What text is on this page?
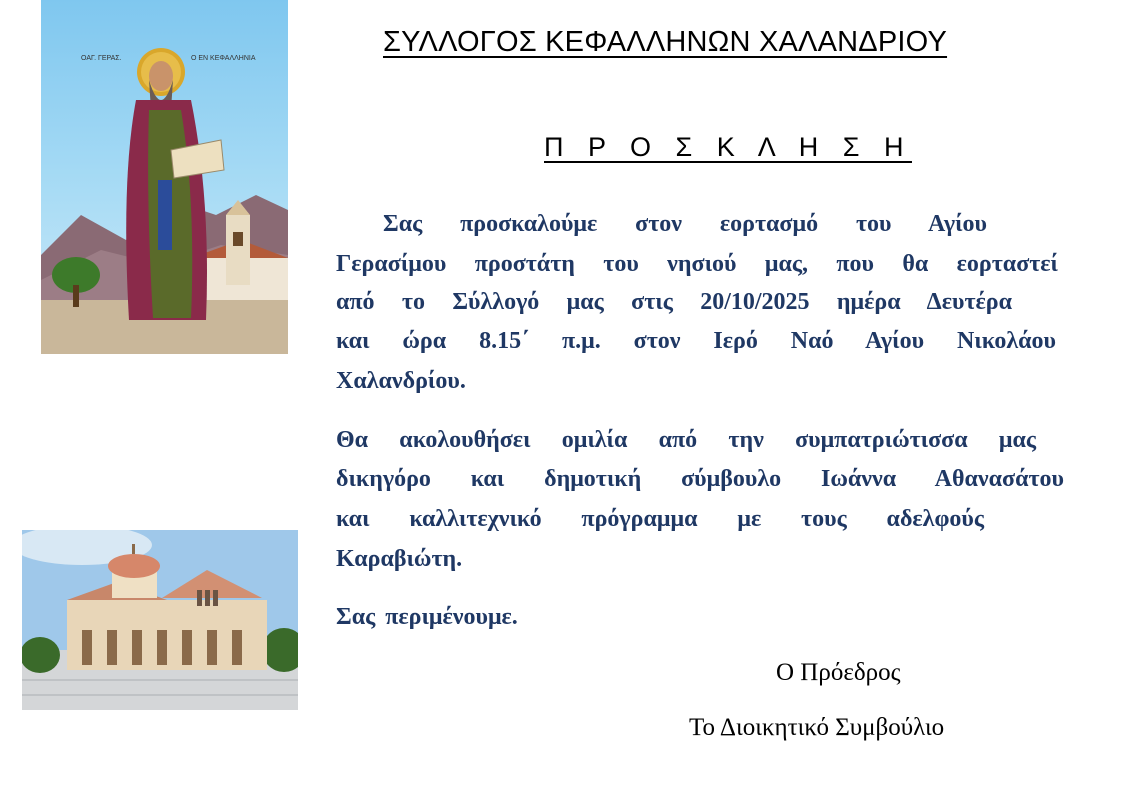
ΟΑΓ. ΓΕΡΑΣ.	Ο ΕΝ ΚΕΦΑΛΛΗΝΙΑ
ΣΥΛΛΟΓΟΣ ΚΕΦΑΛΛΗΝΩΝ ΧΑΛΑΝΔΡΙΟΥ
Π Ρ Ο Σ Κ Λ Η Σ Η
Σας προσκαλούμε στον εορτασμό του Αγίου
Γερασίμου προστάτη του νησιού μας, που θα εορταστεί
από το Σύλλογό μας στις 20/10/2025 ημέρα Δευτέρα
και ώρα 8.15΄ π.μ. στον Ιερό Ναό Αγίου Νικολάου
Χαλανδρίου.
Θα ακολουθήσει ομιλία από την συμπατριώτισσα μας
δικηγόρο και δημοτική σύμβουλο Ιωάννα Αθανασάτου
και καλλιτεχνικό πρόγραμμα με τους αδελφούς
Καραβιώτη.
Σας περιμένουμε.
Ο Πρόεδρος
Το Διοικητικό Συμβούλιο
